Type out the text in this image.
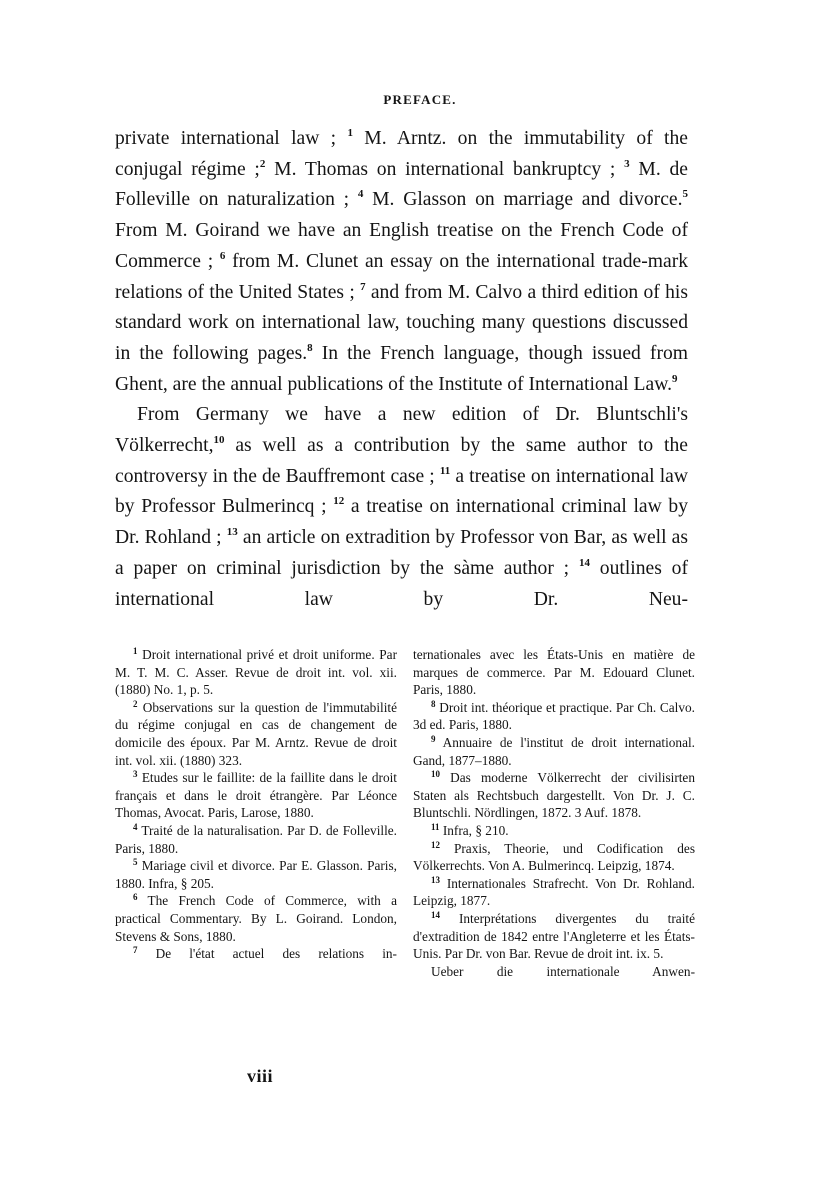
PREFACE.

private international law ; $^1$ M. Arntz. on the immutability of the conjugal régime ;$^2$ M. Thomas on international bankruptcy ; $^3$ M. de Folleville on naturalization ; $^4$ M. Glasson on marriage and divorce.$^5$ From M. Goirand we have an English treatise on the French Code of Commerce ; $^6$ from M. Clunet an essay on the international trade-mark relations of the United States ; $^7$ and from M. Calvo a third edition of his standard work on international law, touching many questions discussed in the following pages.$^8$ In the French language, though issued from Ghent, are the annual publications of the Institute of International Law.$^9$

From Germany we have a new edition of Dr. Bluntschli's Völkerrecht,$^{10}$ as well as a contribution by the same author to the controversy in the de Bauffremont case ; $^{11}$ a treatise on international law by Professor Bulmerincq ; $^{12}$ a treatise on international criminal law by Dr. Rohland ; $^{13}$ an article on extradition by Professor von Bar, as well as a paper on criminal jurisdiction by the sàme author ; $^{14}$ outlines of international law by Dr. Neu-

$^1$ Droit international privé et droit uniforme. Par M. T. M. C. Asser. Revue de droit int. vol. xii. (1880) No. 1, p. 5.

$^2$ Observations sur la question de l'immutabilité du régime conjugal en cas de changement de domicile des époux. Par M. Arntz. Revue de droit int. vol. xii. (1880) 323.

$^3$ Etudes sur le faillite: de la faillite dans le droit français et dans le droit étrangère. Par Léonce Thomas, Avocat. Paris, Larose, 1880.

$^4$ Traité de la naturalisation. Par D. de Folleville. Paris, 1880.

$^5$ Mariage civil et divorce. Par E. Glasson. Paris, 1880. Infra, § 205.

$^6$ The French Code of Commerce, with a practical Commentary. By L. Goirand. London, Stevens & Sons, 1880.

$^7$ De l'état actuel des relations in-

ternationales avec les États-Unis en matière de marques de commerce. Par M. Edouard Clunet. Paris, 1880.

$^8$ Droit int. théorique et practique. Par Ch. Calvo. 3d ed. Paris, 1880.

$^9$ Annuaire de l'institut de droit international. Gand, 1877–1880.

$^{10}$ Das moderne Völkerrecht der civilisirten Staten als Rechtsbuch dargestellt. Von Dr. J. C. Bluntschli. Nördlingen, 1872. 3 Auf. 1878.

$^{11}$ Infra, § 210.

$^{12}$ Praxis, Theorie, und Codification des Völkerrechts. Von A. Bulmerincq. Leipzig, 1874.

$^{13}$ Internationales Strafrecht. Von Dr. Rohland. Leipzig, 1877.

$^{14}$ Interprétations divergentes du traité d'extradition de 1842 entre l'Angleterre et les États-Unis. Par Dr. von Bar. Revue de droit int. ix. 5.

Ueber die internationale Anwen-

viii
